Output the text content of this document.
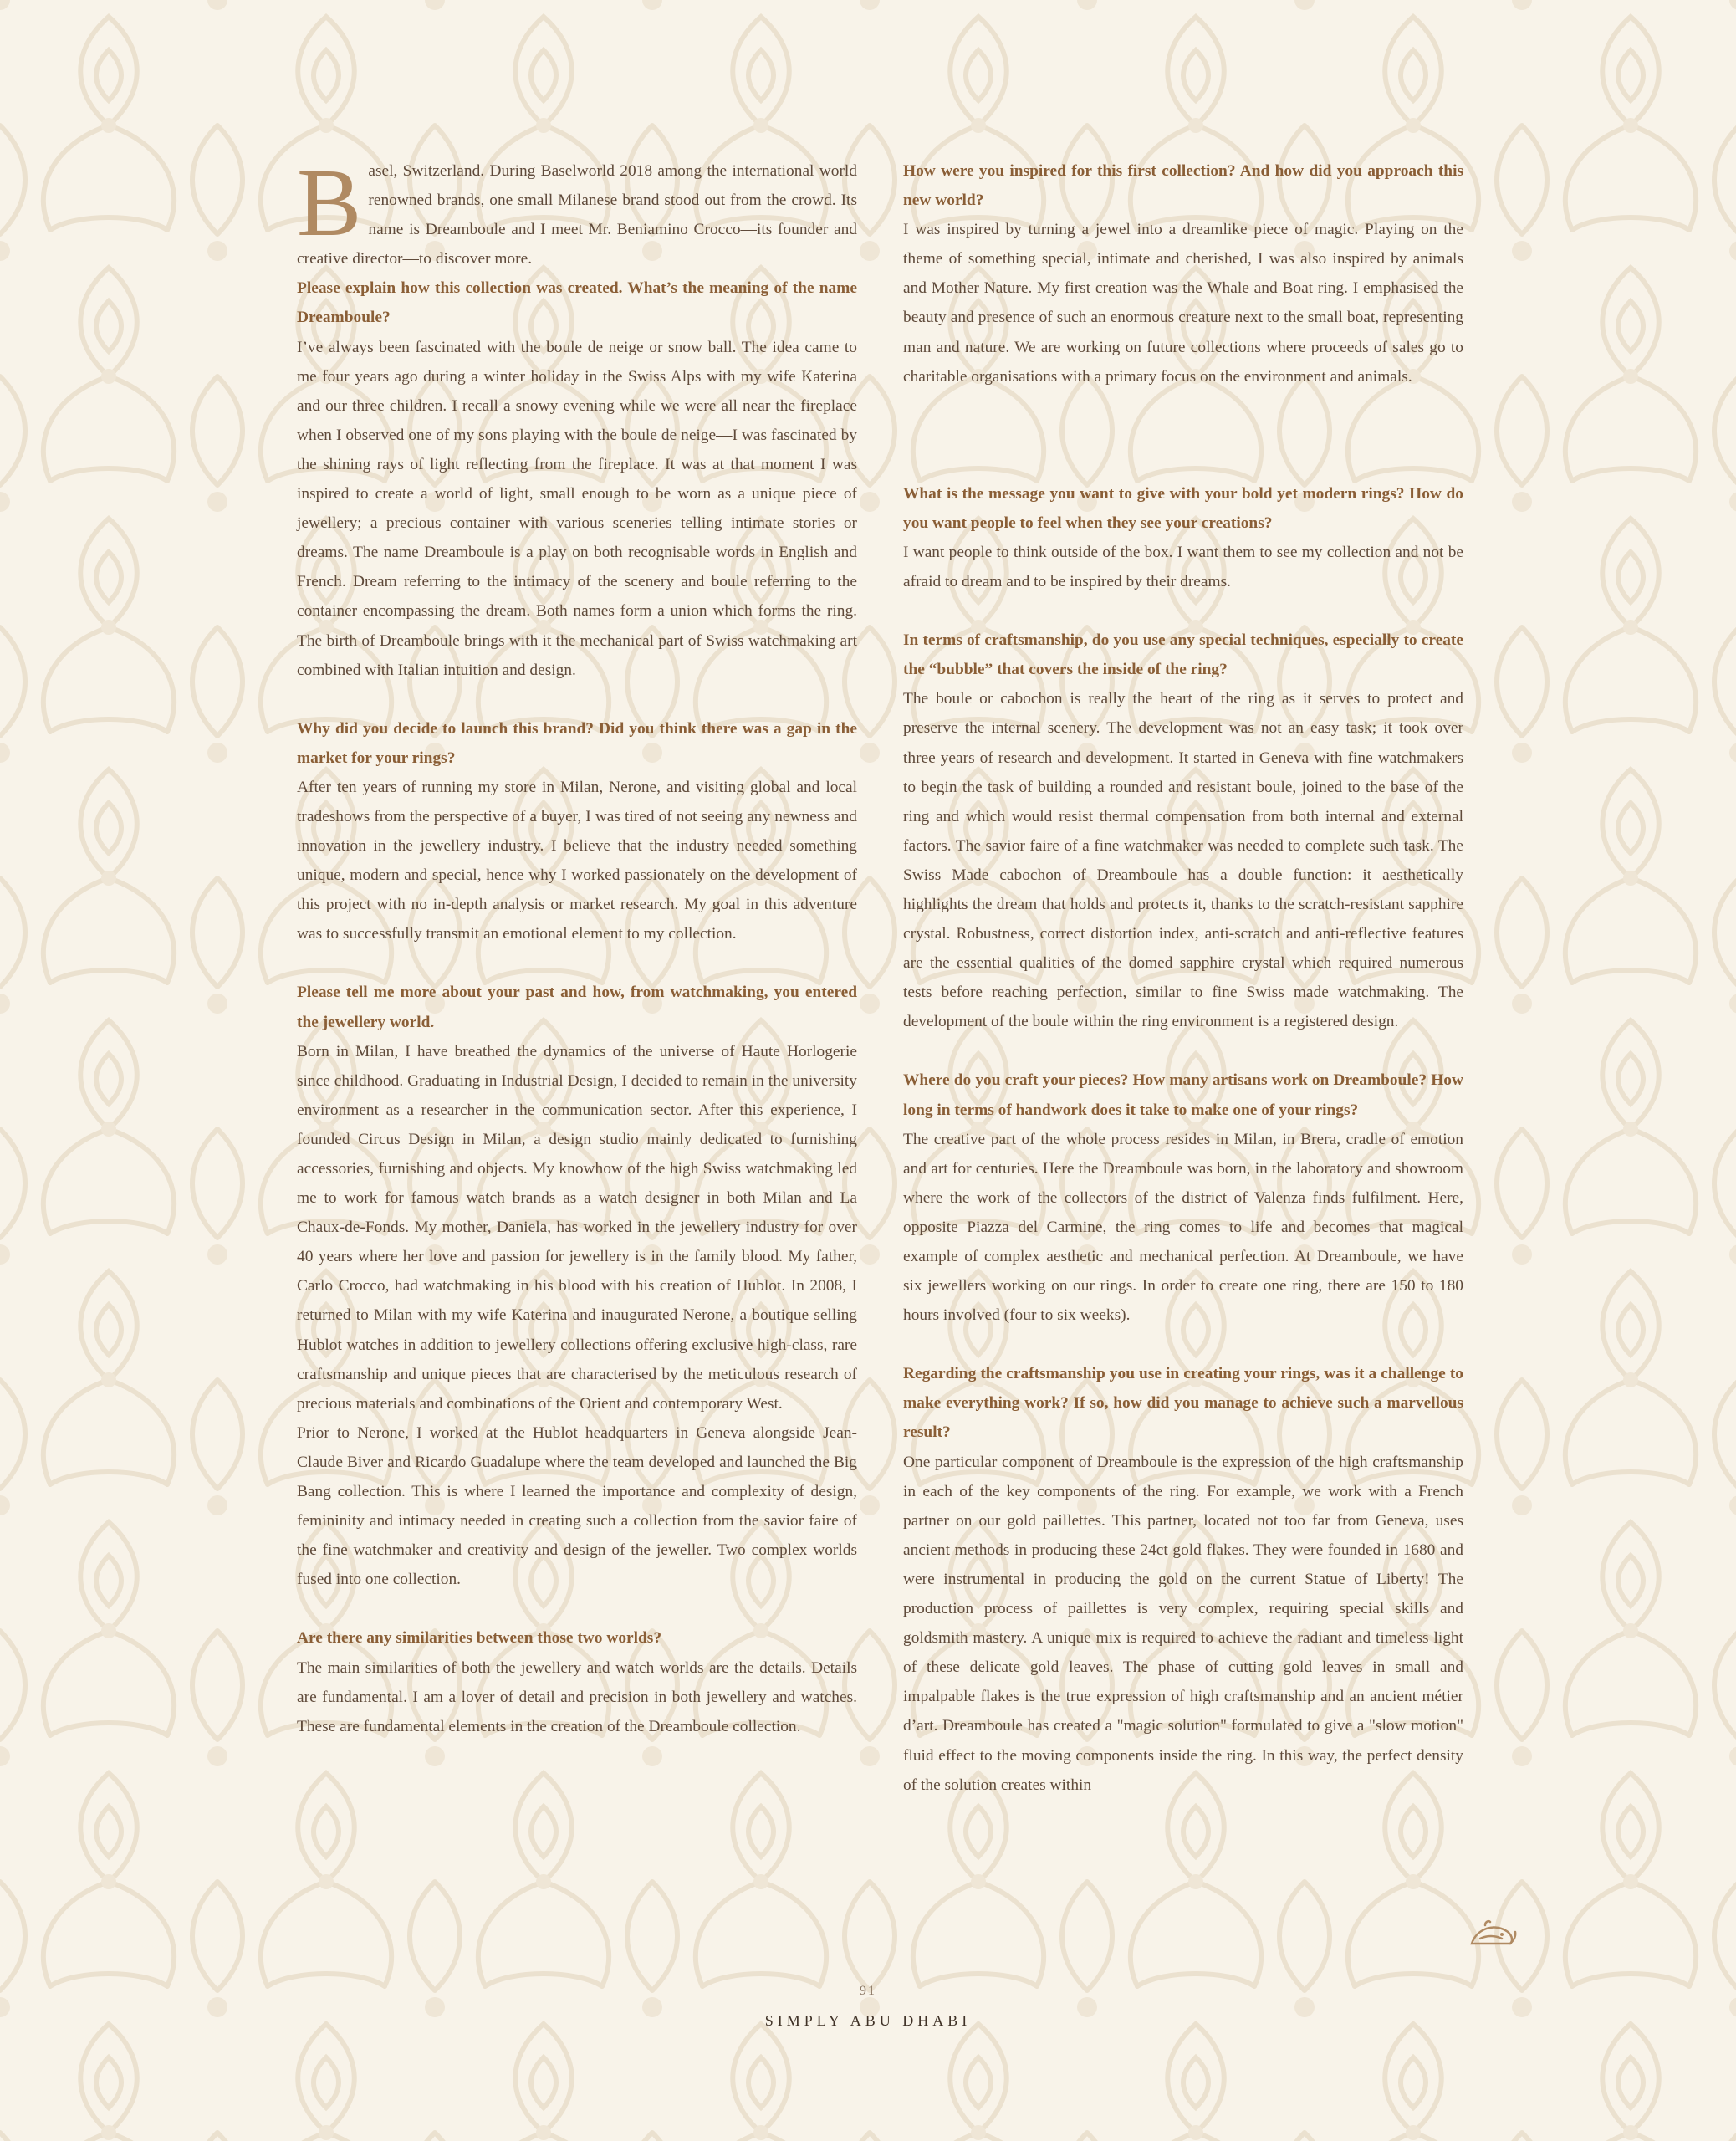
Basel, Switzerland. During Baselworld 2018 among the international world renowned brands, one small Milanese brand stood out from the crowd. Its name is Dreamboule and I meet Mr. Beniamino Crocco—its founder and creative director—to discover more.

Please explain how this collection was created. What’s the meaning of the name Dreamboule?

I’ve always been fascinated with the boule de neige or snow ball. The idea came to me four years ago during a winter holiday in the Swiss Alps with my wife Katerina and our three children. I recall a snowy evening while we were all near the fireplace when I observed one of my sons playing with the boule de neige—I was fascinated by the shining rays of light reflecting from the fireplace. It was at that moment I was inspired to create a world of light, small enough to be worn as a unique piece of jewellery; a precious container with various sceneries telling intimate stories or dreams. The name Dreamboule is a play on both recognisable words in English and French. Dream referring to the intimacy of the scenery and boule referring to the container encompassing the dream. Both names form a union which forms the ring. The birth of Dreamboule brings with it the mechanical part of Swiss watchmaking art combined with Italian intuition and design.

Why did you decide to launch this brand? Did you think there was a gap in the market for your rings?

After ten years of running my store in Milan, Nerone, and visiting global and local tradeshows from the perspective of a buyer, I was tired of not seeing any newness and innovation in the jewellery industry. I believe that the industry needed something unique, modern and special, hence why I worked passionately on the development of this project with no in-depth analysis or market research. My goal in this adventure was to successfully transmit an emotional element to my collection.

Please tell me more about your past and how, from watchmaking, you entered the jewellery world.

Born in Milan, I have breathed the dynamics of the universe of Haute Horlogerie since childhood. Graduating in Industrial Design, I decided to remain in the university environment as a researcher in the communication sector. After this experience, I founded Circus Design in Milan, a design studio mainly dedicated to furnishing accessories, furnishing and objects. My knowhow of the high Swiss watchmaking led me to work for famous watch brands as a watch designer in both Milan and La Chaux-de-Fonds. My mother, Daniela, has worked in the jewellery industry for over 40 years where her love and passion for jewellery is in the family blood. My father, Carlo Crocco, had watchmaking in his blood with his creation of Hublot. In 2008, I returned to Milan with my wife Katerina and inaugurated Nerone, a boutique selling Hublot watches in addition to jewellery collections offering exclusive high-class, rare craftsmanship and unique pieces that are characterised by the meticulous research of precious materials and combinations of the Orient and contemporary West.

Prior to Nerone, I worked at the Hublot headquarters in Geneva alongside Jean-Claude Biver and Ricardo Guadalupe where the team developed and launched the Big Bang collection. This is where I learned the importance and complexity of design, femininity and intimacy needed in creating such a collection from the savior faire of the fine watchmaker and creativity and design of the jeweller. Two complex worlds fused into one collection.

Are there any similarities between those two worlds?

The main similarities of both the jewellery and watch worlds are the details. Details are fundamental. I am a lover of detail and precision in both jewellery and watches. These are fundamental elements in the creation of the Dreamboule collection.

How were you inspired for this first collection? And how did you approach this new world?

I was inspired by turning a jewel into a dreamlike piece of magic. Playing on the theme of something special, intimate and cherished, I was also inspired by animals and Mother Nature. My first creation was the Whale and Boat ring. I emphasised the beauty and presence of such an enormous creature next to the small boat, representing man and nature. We are working on future collections where proceeds of sales go to charitable organisations with a primary focus on the environment and animals.

What is the message you want to give with your bold yet modern rings? How do you want people to feel when they see your creations?

I want people to think outside of the box. I want them to see my collection and not be afraid to dream and to be inspired by their dreams.

In terms of craftsmanship, do you use any special techniques, especially to create the “bubble” that covers the inside of the ring?

The boule or cabochon is really the heart of the ring as it serves to protect and preserve the internal scenery. The development was not an easy task; it took over three years of research and development. It started in Geneva with fine watchmakers to begin the task of building a rounded and resistant boule, joined to the base of the ring and which would resist thermal compensation from both internal and external factors. The savior faire of a fine watchmaker was needed to complete such task. The Swiss Made cabochon of Dreamboule has a double function: it aesthetically highlights the dream that holds and protects it, thanks to the scratch-resistant sapphire crystal. Robustness, correct distortion index, anti-scratch and anti-reflective features are the essential qualities of the domed sapphire crystal which required numerous tests before reaching perfection, similar to fine Swiss made watchmaking. The development of the boule within the ring environment is a registered design.

Where do you craft your pieces? How many artisans work on Dreamboule? How long in terms of handwork does it take to make one of your rings?

The creative part of the whole process resides in Milan, in Brera, cradle of emotion and art for centuries. Here the Dreamboule was born, in the laboratory and showroom where the work of the collectors of the district of Valenza finds fulfilment. Here, opposite Piazza del Carmine, the ring comes to life and becomes that magical example of complex aesthetic and mechanical perfection. At Dreamboule, we have six jewellers working on our rings. In order to create one ring, there are 150 to 180 hours involved (four to six weeks).

Regarding the craftsmanship you use in creating your rings, was it a challenge to make everything work? If so, how did you manage to achieve such a marvellous result?

One particular component of Dreamboule is the expression of the high craftsmanship in each of the key components of the ring. For example, we work with a French partner on our gold paillettes. This partner, located not too far from Geneva, uses ancient methods in producing these 24ct gold flakes. They were founded in 1680 and were instrumental in producing the gold on the current Statue of Liberty! The production process of paillettes is very complex, requiring special skills and goldsmith mastery. A unique mix is required to achieve the radiant and timeless light of these delicate gold leaves. The phase of cutting gold leaves in small and impalpable flakes is the true expression of high craftsmanship and an ancient métier d’art. Dreamboule has created a "magic solution" formulated to give a "slow motion" fluid effect to the moving components inside the ring. In this way, the perfect density of the solution creates within

91
SIMPLY ABU DHABI
